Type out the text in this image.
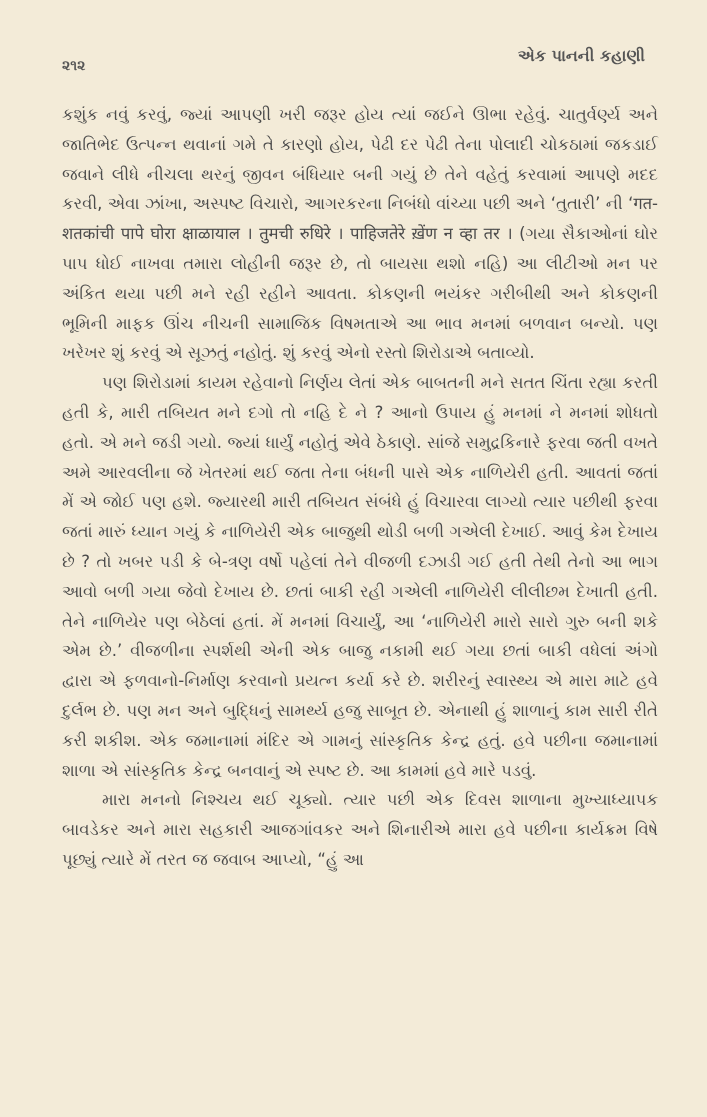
૨૧૨
એક પાનની કહાણી

કશુંક નવું કરવું, જ્યાં આપણી ખરી જરૂર હોય ત્યાં જઈને ઊભા રહેવું. ચાતુર્વર્ણ્ય અને જાતિભેદ ઉત્પન્ન થવાનાં ગમે તે કારણો હોય, પેઢી દર પેઢી તેના પોલાદી ચોકઠામાં જકડાઈ જવાને લીધે નીચલા થરનું જીવન બંધિયાર બની ગયું છે તેને વહેતું કરવામાં આપણે મદદ કરવી, એવા ઝાંખા, અસ્પષ્ટ વિચારો, આગરકરના નિબંધો વાંચ્યા પછી અને ‘તુતારી’ ની ‘गत-शतकांची पापे घोरा क्षाळायाल । तुमची रुधिरे । पाहिजतेरे ख़ेंण न व्हा तर । (ગયા સૈકાઓનાં ઘોર પાપ ધોઈ નાખવા તમારા લોહીની જરૂર છે, તો બાયસા થશો નહિ) આ લીટીઓ મન પર અંકિત થયા પછી મને રહી રહીને આવતા. કોકણની ભયંકર ગરીબીથી અને કોકણની ભૂમિની માફક ઊંચ નીચની સામાજિક વિષમતાએ આ ભાવ મનમાં બળવાન બન્યો. પણ ખરેખર શું કરવું એ સૂઝતું નહોતું. શું કરવું એનો રસ્તો શિરોડાએ બતાવ્યો.

પણ શિરોડામાં કાયમ રહેવાનો નિર્ણય લેતાં એક બાબતની મને સતત ચિંતા રહ્યા કરતી હતી કે, મારી તબિયત મને દગો તો નહિ દે ને ? આનો ઉપાય હું મનમાં ને મનમાં શોધતો હતો. એ મને જડી ગયો. જ્યાં ધાર્યું નહોતું એવે ઠેકાણે. સાંજે સમુદ્રકિનારે ફરવા જતી વખતે અમે આરવલીના જે ખેતરમાં થઈ જતા તેના બંધની પાસે એક નાળિયેરી હતી. આવતાં જતાં મેં એ જોઈ પણ હશે. જ્યારથી મારી તબિયત સંબંધે હું વિચારવા લાગ્યો ત્યાર પછીથી ફરવા જતાં મારું ધ્યાન ગયું કે નાળિયેરી એક બાજુથી થોડી બળી ગએલી દેખાઈ. આવું કેમ દેખાય છે ? તો ખબર પડી કે બે-ત્રણ વર્ષો પહેલાં તેને વીજળી દઝાડી ગઈ હતી તેથી તેનો આ ભાગ આવો બળી ગયા જેવો દેખાય છે. છતાં બાકી રહી ગએલી નાળિયેરી લીલીછમ દેખાતી હતી. તેને નાળિયેર પણ બેઠેલાં હતાં. મેં મનમાં વિચાર્યું, આ ‘નાળિયેરી મારો સારો ગુરુ બની શકે એમ છે.’ વીજળીના સ્પર્શથી એની એક બાજુ નકામી થઈ ગયા છતાં બાકી વધેલાં અંગો દ્વારા એ ફળવાનો-નિર્માણ કરવાનો પ્રયત્ન કર્યા કરે છે. શરીરનું સ્વાસ્થ્ય એ મારા માટે હવે દુર્લભ છે. પણ મન અને બુદ્ધિનું સામર્થ્ય હજુ સાબૂત છે. એનાથી હું શાળાનું કામ સારી રીતે કરી શકીશ. એક જમાનામાં મંદિર એ ગામનું સાંસ્કૃતિક કેન્દ્ર હતું. હવે પછીના જમાનામાં શાળા એ સાંસ્કૃતિક કેન્દ્ર બનવાનું એ સ્પષ્ટ છે. આ કામમાં હવે મારે પડવું.

મારા મનનો નિશ્ચય થઈ ચૂક્યો. ત્યાર પછી એક દિવસ શાળાના મુખ્યાધ્યાપક બાવડેકર અને મારા સહકારી આજગાંવકર અને શિનારીએ મારા હવે પછીના કાર્યક્રમ વિષે પૂછ્યું ત્યારે મેં તરત જ જવાબ આપ્યો, “હું આ
